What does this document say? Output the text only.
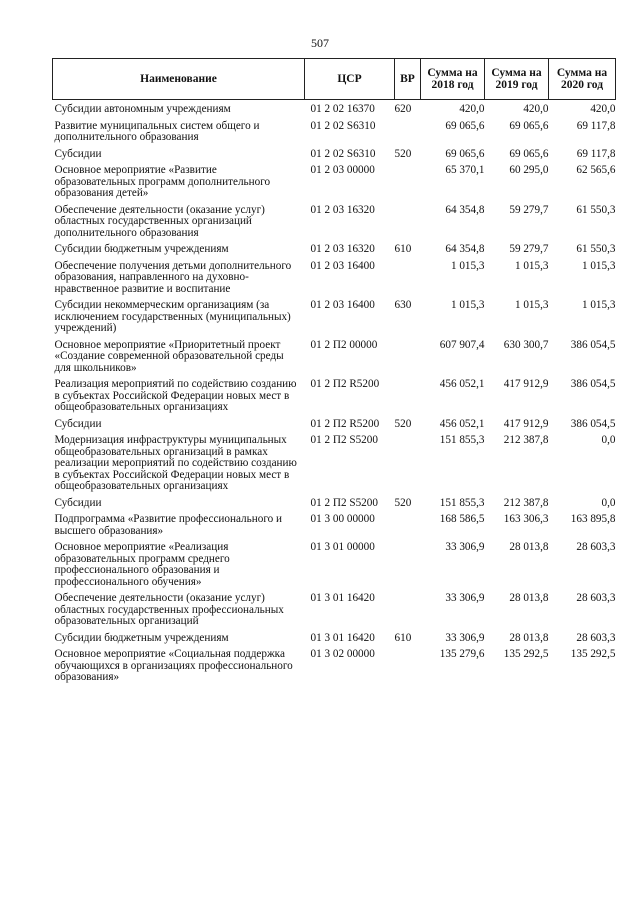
507
Наименование	ЦСР	ВР	Сумма на 2018 год	Сумма на 2019 год	Сумма на 2020 год
Субсидии автономным учреждениям	01 2 02 16370	620	420,0	420,0	420,0
Развитие муниципальных систем общего и дополнительного образования	01 2 02 S6310		69 065,6	69 065,6	69 117,8
Субсидии	01 2 02 S6310	520	69 065,6	69 065,6	69 117,8
Основное мероприятие «Развитие образовательных программ дополнительного образования детей»	01 2 03 00000		65 370,1	60 295,0	62 565,6
Обеспечение деятельности (оказание услуг) областных государственных организаций дополнительного образования	01 2 03 16320		64 354,8	59 279,7	61 550,3
Субсидии бюджетным учреждениям	01 2 03 16320	610	64 354,8	59 279,7	61 550,3
Обеспечение получения детьми дополнительного образования, направленного на духовно-нравственное развитие и воспитание	01 2 03 16400		1 015,3	1 015,3	1 015,3
Субсидии некоммерческим организациям (за исключением государственных (муниципальных) учреждений)	01 2 03 16400	630	1 015,3	1 015,3	1 015,3
Основное мероприятие «Приоритетный проект «Создание современной образовательной среды для школьников»	01 2 П2 00000		607 907,4	630 300,7	386 054,5
Реализация мероприятий по содействию созданию в субъектах Российской Федерации новых мест в общеобразовательных организациях	01 2 П2 R5200		456 052,1	417 912,9	386 054,5
Субсидии	01 2 П2 R5200	520	456 052,1	417 912,9	386 054,5
Модернизация инфраструктуры муниципальных общеобразовательных организаций в рамках реализации мероприятий по содействию созданию в субъектах Российской Федерации новых мест в общеобразовательных организациях	01 2 П2 S5200		151 855,3	212 387,8	0,0
Субсидии	01 2 П2 S5200	520	151 855,3	212 387,8	0,0
Подпрограмма «Развитие профессионального и высшего образования»	01 3 00 00000		168 586,5	163 306,3	163 895,8
Основное мероприятие «Реализация образовательных программ среднего профессионального образования и профессионального обучения»	01 3 01 00000		33 306,9	28 013,8	28 603,3
Обеспечение деятельности (оказание услуг) областных государственных профессиональных образовательных организаций	01 3 01 16420		33 306,9	28 013,8	28 603,3
Субсидии бюджетным учреждениям	01 3 01 16420	610	33 306,9	28 013,8	28 603,3
Основное мероприятие «Социальная поддержка обучающихся в организациях профессионального образования»	01 3 02 00000		135 279,6	135 292,5	135 292,5
